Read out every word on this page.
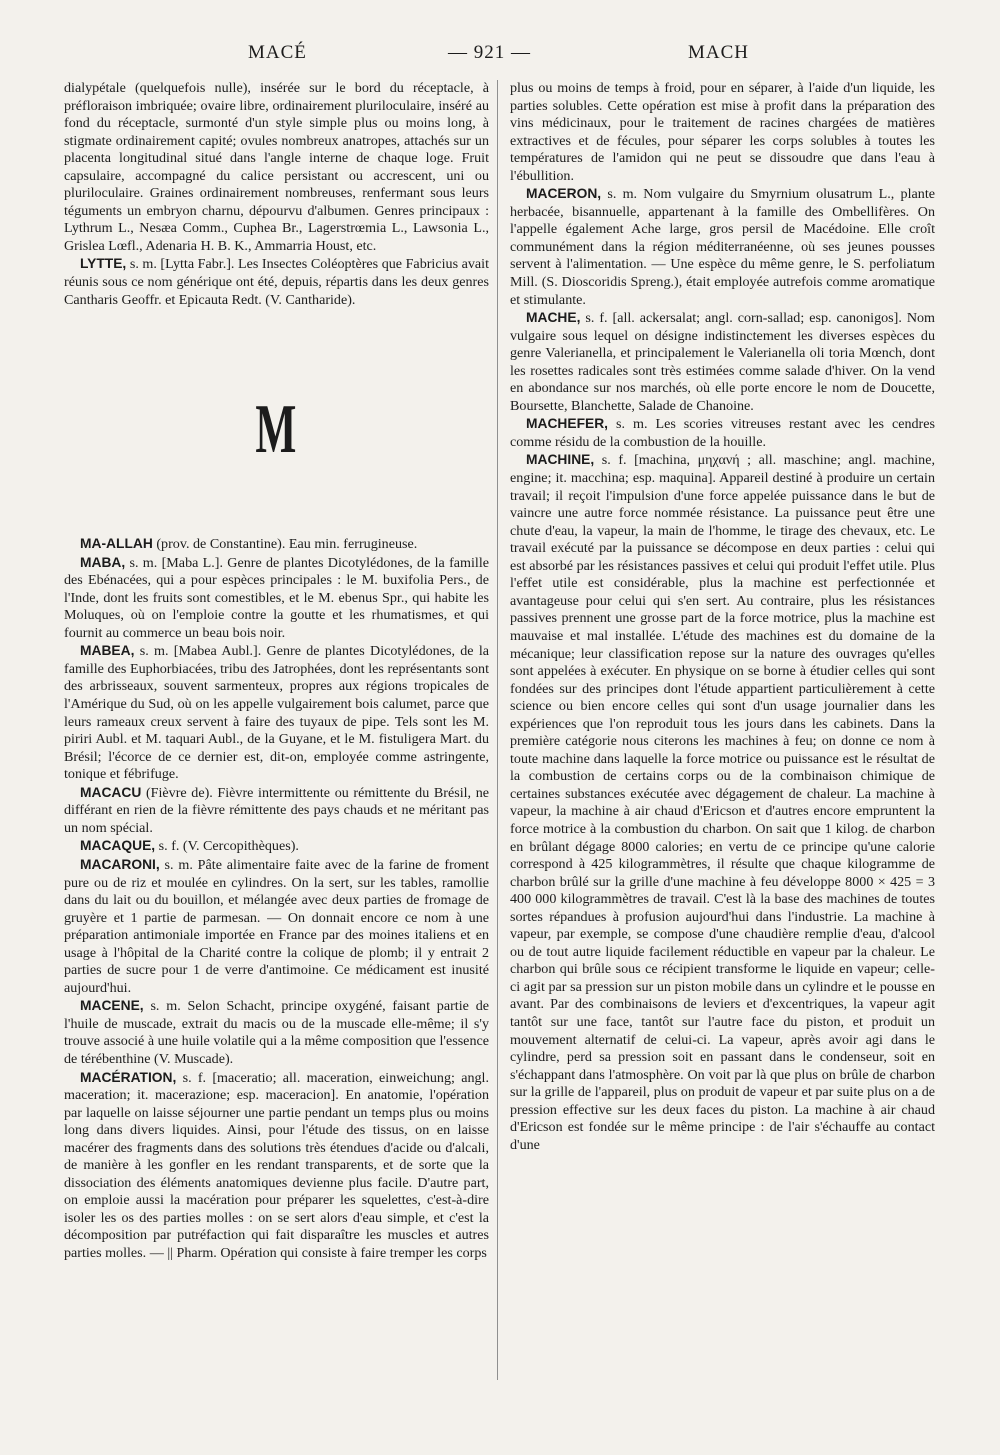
MACÉ	— 921 —	MACH

dialypétale (quelquefois nulle), insérée sur le bord du réceptacle, à préfloraison imbriquée; ovaire libre, ordinairement pluriloculaire, inséré au fond du réceptacle, surmonté d'un style simple plus ou moins long, à stigmate ordinairement capité; ovules nombreux anatropes, attachés sur un placenta longitudinal situé dans l'angle interne de chaque loge. Fruit capsulaire, accompagné du calice persistant ou accrescent, uni ou pluriloculaire. Graines ordinairement nombreuses, renfermant sous leurs téguments un embryon charnu, dépourvu d'albumen. Genres principaux : Lythrum L., Nesæa Comm., Cuphea Br., Lagerstrœmia L., Lawsonia L., Grislea Lœfl., Adenaria H. B. K., Ammarria Houst, etc.

LYTTE, s. m. [Lytta Fabr.]. Les Insectes Coléoptères que Fabricius avait réunis sous ce nom générique ont été, depuis, répartis dans les deux genres Cantharis Geoffr. et Epicauta Redt. (V. Cantharide).

M

MA-ALLAH (prov. de Constantine). Eau min. ferrugineuse.

MABA, s. m. [Maba L.]. Genre de plantes Dicotylédones, de la famille des Ebénacées, qui a pour espèces principales : le M. buxifolia Pers., de l'Inde, dont les fruits sont comestibles, et le M. ebenus Spr., qui habite les Moluques, où on l'emploie contre la goutte et les rhumatismes, et qui fournit au commerce un beau bois noir.

MABEA, s. m. [Mabea Aubl.]. Genre de plantes Dicotylédones, de la famille des Euphorbiacées, tribu des Jatrophées, dont les représentants sont des arbrisseaux, souvent sarmenteux, propres aux régions tropicales de l'Amérique du Sud, où on les appelle vulgairement bois calumet, parce que leurs rameaux creux servent à faire des tuyaux de pipe. Tels sont les M. piriri Aubl. et M. taquari Aubl., de la Guyane, et le M. fistuligera Mart. du Brésil; l'écorce de ce dernier est, dit-on, employée comme astringente, tonique et fébrifuge.

MACACU (Fièvre de). Fièvre intermittente ou rémittente du Brésil, ne différant en rien de la fièvre rémittente des pays chauds et ne méritant pas un nom spécial.

MACAQUE, s. f. (V. Cercopithèques).

MACARONI, s. m. Pâte alimentaire faite avec de la farine de froment pure ou de riz et moulée en cylindres. On la sert, sur les tables, ramollie dans du lait ou du bouillon, et mélangée avec deux parties de fromage de gruyère et 1 partie de parmesan. — On donnait encore ce nom à une préparation antimoniale importée en France par des moines italiens et en usage à l'hôpital de la Charité contre la colique de plomb; il y entrait 2 parties de sucre pour 1 de verre d'antimoine. Ce médicament est inusité aujourd'hui.

MACENE, s. m. Selon Schacht, principe oxygéné, faisant partie de l'huile de muscade, extrait du macis ou de la muscade elle-même; il s'y trouve associé à une huile volatile qui a la même composition que l'essence de térébenthine (V. Muscade).

MACÉRATION, s. f. [maceratio; all. maceration, einweichung; angl. maceration; it. macerazione; esp. maceracion]. En anatomie, l'opération par laquelle on laisse séjourner une partie pendant un temps plus ou moins long dans divers liquides. Ainsi, pour l'étude des tissus, on en laisse macérer des fragments dans des solutions très étendues d'acide ou d'alcali, de manière à les gonfler en les rendant transparents, et de sorte que la dissociation des éléments anatomiques devienne plus facile. D'autre part, on emploie aussi la macération pour préparer les squelettes, c'est-à-dire isoler les os des parties molles : on se sert alors d'eau simple, et c'est la décomposition par putréfaction qui fait disparaître les muscles et autres parties molles. — || Pharm. Opération qui consiste à faire tremper les corps

plus ou moins de temps à froid, pour en séparer, à l'aide d'un liquide, les parties solubles. Cette opération est mise à profit dans la préparation des vins médicinaux, pour le traitement de racines chargées de matières extractives et de fécules, pour séparer les corps solubles à toutes les températures de l'amidon qui ne peut se dissoudre que dans l'eau à l'ébullition.

MACERON, s. m. Nom vulgaire du Smyrnium olusatrum L., plante herbacée, bisannuelle, appartenant à la famille des Ombellifères. On l'appelle également Ache large, gros persil de Macédoine. Elle croît communément dans la région méditerranéenne, où ses jeunes pousses servent à l'alimentation. — Une espèce du même genre, le S. perfoliatum Mill. (S. Dioscoridis Spreng.), était employée autrefois comme aromatique et stimulante.

MACHE, s. f. [all. ackersalat; angl. corn-sallad; esp. canonigos]. Nom vulgaire sous lequel on désigne indistinctement les diverses espèces du genre Valerianella, et principalement le Valerianella oli toria Mœnch, dont les rosettes radicales sont très estimées comme salade d'hiver. On la vend en abondance sur nos marchés, où elle porte encore le nom de Doucette, Boursette, Blanchette, Salade de Chanoine.

MACHEFER, s. m. Les scories vitreuses restant avec les cendres comme résidu de la combustion de la houille.

MACHINE, s. f. [machina, μηχανή ; all. maschine; angl. machine, engine; it. macchina; esp. maquina]. Appareil destiné à produire un certain travail; il reçoit l'impulsion d'une force appelée puissance dans le but de vaincre une autre force nommée résistance. La puissance peut être une chute d'eau, la vapeur, la main de l'homme, le tirage des chevaux, etc. Le travail exécuté par la puissance se décompose en deux parties : celui qui est absorbé par les résistances passives et celui qui produit l'effet utile. Plus l'effet utile est considérable, plus la machine est perfectionnée et avantageuse pour celui qui s'en sert. Au contraire, plus les résistances passives prennent une grosse part de la force motrice, plus la machine est mauvaise et mal installée. L'étude des machines est du domaine de la mécanique; leur classification repose sur la nature des ouvrages qu'elles sont appelées à exécuter. En physique on se borne à étudier celles qui sont fondées sur des principes dont l'étude appartient particulièrement à cette science ou bien encore celles qui sont d'un usage journalier dans les expériences que l'on reproduit tous les jours dans les cabinets. Dans la première catégorie nous citerons les machines à feu; on donne ce nom à toute machine dans laquelle la force motrice ou puissance est le résultat de la combustion de certains corps ou de la combinaison chimique de certaines substances exécutée avec dégagement de chaleur. La machine à vapeur, la machine à air chaud d'Ericson et d'autres encore empruntent la force motrice à la combustion du charbon. On sait que 1 kilog. de charbon en brûlant dégage 8000 calories; en vertu de ce principe qu'une calorie correspond à 425 kilogrammètres, il résulte que chaque kilogramme de charbon brûlé sur la grille d'une machine à feu développe 8000 × 425 = 3 400 000 kilogrammètres de travail. C'est là la base des machines de toutes sortes répandues à profusion aujourd'hui dans l'industrie. La machine à vapeur, par exemple, se compose d'une chaudière remplie d'eau, d'alcool ou de tout autre liquide facilement réductible en vapeur par la chaleur. Le charbon qui brûle sous ce récipient transforme le liquide en vapeur; celle-ci agit par sa pression sur un piston mobile dans un cylindre et le pousse en avant. Par des combinaisons de leviers et d'excentriques, la vapeur agit tantôt sur une face, tantôt sur l'autre face du piston, et produit un mouvement alternatif de celui-ci. La vapeur, après avoir agi dans le cylindre, perd sa pression soit en passant dans le condenseur, soit en s'échappant dans l'atmosphère. On voit par là que plus on brûle de charbon sur la grille de l'appareil, plus on produit de vapeur et par suite plus on a de pression effective sur les deux faces du piston. La machine à air chaud d'Ericson est fondée sur le même principe : de l'air s'échauffe au contact d'une
